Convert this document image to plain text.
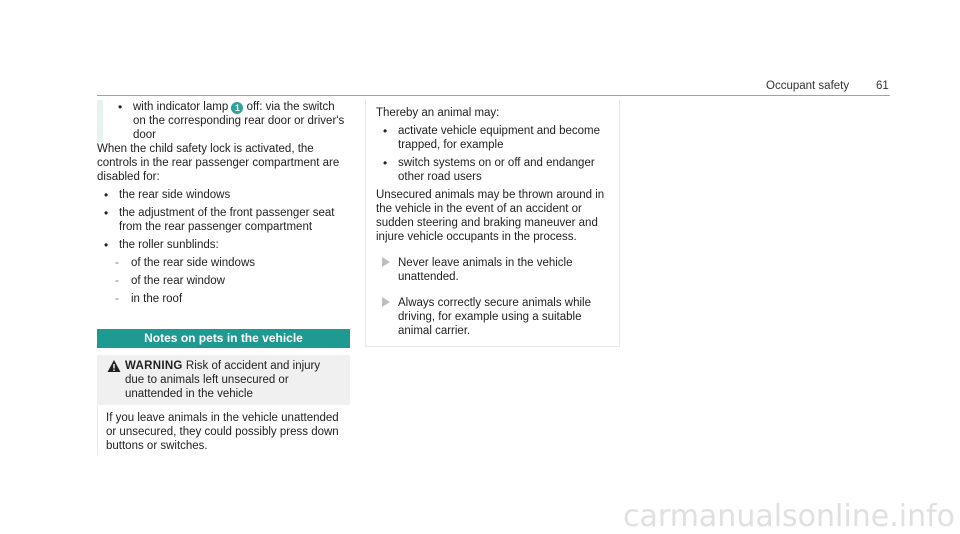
Occupant safety 61
• with indicator lamp 1 off: via the switch on the corresponding rear door or driver's door

When the child safety lock is activated, the controls in the rear passenger compartment are disabled for:

• the rear side windows
• the adjustment of the front passenger seat from the rear passenger compartment
• the roller sunblinds:
- of the rear side windows
- of the rear window
- in the roof
Notes on pets in the vehicle
WARNING Risk of accident and injury due to animals left unsecured or unattended in the vehicle
If you leave animals in the vehicle unattended or unsecured, they could possibly press down buttons or switches.

Thereby an animal may:

• activate vehicle equipment and become trapped, for example
• switch systems on or off and endanger other road users

Unsecured animals may be thrown around in the vehicle in the event of an accident or sudden steering and braking maneuver and injure vehicle occupants in the process.

Never leave animals in the vehicle unattended.
Always correctly secure animals while driving, for example using a suitable animal carrier.
carmanualsonline.info
